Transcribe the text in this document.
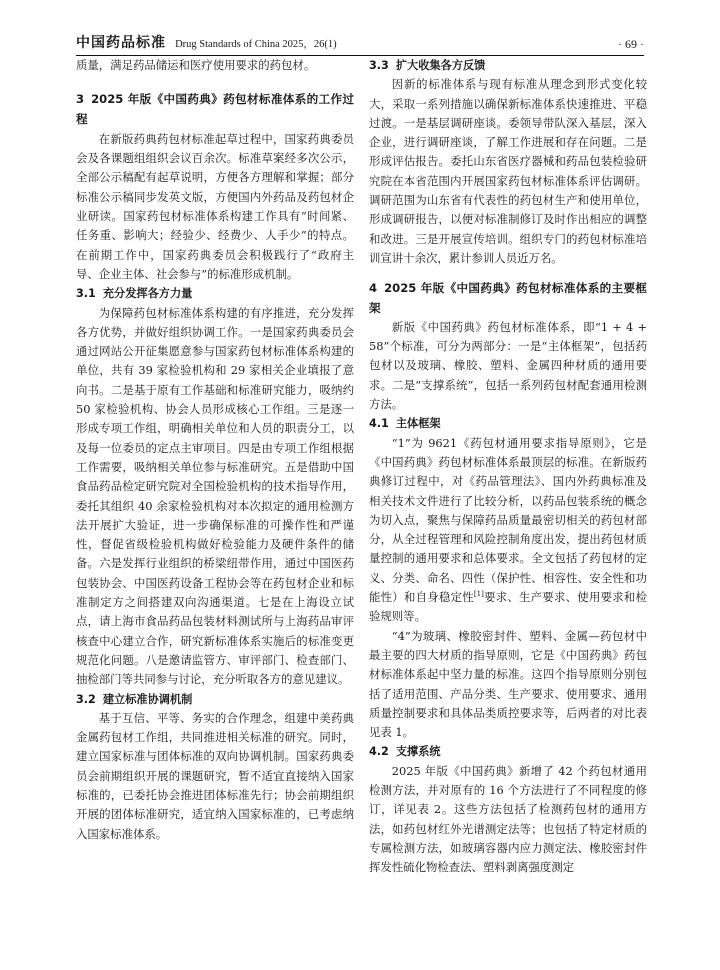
中国药品标准 Drug Standards of China 2025，26(1)	· 69 ·

质量，满足药品储运和医疗使用要求的药包材。

3 2025 年版《中国药典》药包材标准体系的工作过程

在新版药典药包材标准起草过程中，国家药典委员会及各课题组组织会议百余次。标准草案经多次公示，全部公示稿配有起草说明，方便各方理解和掌握；部分标准公示稿同步发英文版，方便国内外药品及药包材企业研读。国家药包材标准体系构建工作具有“时间紧、任务重、影响大；经验少、经费少、人手少”的特点。在前期工作中，国家药典委员会积极践行了“政府主导、企业主体、社会参与”的标准形成机制。

3.1 充分发挥各方力量

为保障药包材标准体系构建的有序推进，充分发挥各方优势，并做好组织协调工作。一是国家药典委员会通过网站公开征集愿意参与国家药包材标准体系构建的单位，共有 39 家检验机构和 29 家相关企业填报了意向书。二是基于原有工作基础和标准研究能力，吸纳约 50 家检验机构、协会人员形成核心工作组。三是逐一形成专项工作组，明确相关单位和人员的职责分工，以及每一位委员的定点主审项目。四是由专项工作组根据工作需要，吸纳相关单位参与标准研究。五是借助中国食品药品检定研究院对全国检验机构的技术指导作用，委托其组织 40 余家检验机构对本次拟定的通用检测方法开展扩大验证，进一步确保标准的可操作性和严谨性，督促省级检验机构做好检验能力及硬件条件的储备。六是发挥行业组织的桥梁纽带作用，通过中国医药包装协会、中国医药设备工程协会等在药包材企业和标准制定方之间搭建双向沟通渠道。七是在上海设立试点，请上海市食品药品包装材料测试所与上海药品审评核查中心建立合作，研究新标准体系实施后的标准变更规范化问题。八是邀请监管方、审评部门、检查部门、抽检部门等共同参与讨论，充分听取各方的意见建议。

3.2 建立标准协调机制

基于互信、平等、务实的合作理念，组建中美药典金属药包材工作组，共同推进相关标准的研究。同时，建立国家标准与团体标准的双向协调机制。国家药典委员会前期组织开展的课题研究，暂不适宜直接纳入国家标准的，已委托协会推进团体标准先行；协会前期组织开展的团体标准研究，适宜纳入国家标准的，已考虑纳入国家标准体系。

3.3 扩大收集各方反馈

因新的标准体系与现有标准从理念到形式变化较大，采取一系列措施以确保新标准体系快速推进、平稳过渡。一是基层调研座谈。委领导带队深入基层，深入企业，进行调研座谈，了解工作进展和存在问题。二是形成评估报告。委托山东省医疗器械和药品包装检验研究院在本省范围内开展国家药包材标准体系评估调研。调研范围为山东省有代表性的药包材生产和使用单位，形成调研报告，以便对标准制修订及时作出相应的调整和改进。三是开展宣传培训。组织专门的药包材标准培训宣讲十余次，累计参训人员近万名。

4 2025 年版《中国药典》药包材标准体系的主要框架

新版《中国药典》药包材标准体系，即“1 + 4 + 58”个标准，可分为两部分：一是“主体框架”，包括药包材以及玻璃、橡胶、塑料、金属四种材质的通用要求。二是“支撑系统”，包括一系列药包材配套通用检测方法。

4.1 主体框架

“1”为 9621《药包材通用要求指导原则》，它是《中国药典》药包材标准体系最顶层的标准。在新版药典修订过程中，对《药品管理法》、国内外药典标准及相关技术文件进行了比较分析，以药品包装系统的概念为切入点，聚焦与保障药品质量最密切相关的药包材部分，从全过程管理和风险控制角度出发，提出药包材质量控制的通用要求和总体要求。全文包括了药包材的定义、分类、命名、四性（保护性、相容性、安全性和功能性）和自身稳定性[1]要求、生产要求、使用要求和检验规则等。

“4”为玻璃、橡胶密封件、塑料、金属—药包材中最主要的四大材质的指导原则，它是《中国药典》药包材标准体系起中坚力量的标准。这四个指导原则分别包括了适用范围、产品分类、生产要求、使用要求、通用质量控制要求和具体品类质控要求等，后两者的对比表见表 1。

4.2 支撑系统

2025 年版《中国药典》新增了 42 个药包材通用检测方法，并对原有的 16 个方法进行了不同程度的修订，详见表 2。这些方法包括了检测药包材的通用方法，如药包材红外光谱测定法等；也包括了特定材质的专属检测方法，如玻璃容器内应力测定法、橡胶密封件挥发性硫化物检查法、塑料剥离强度测定
